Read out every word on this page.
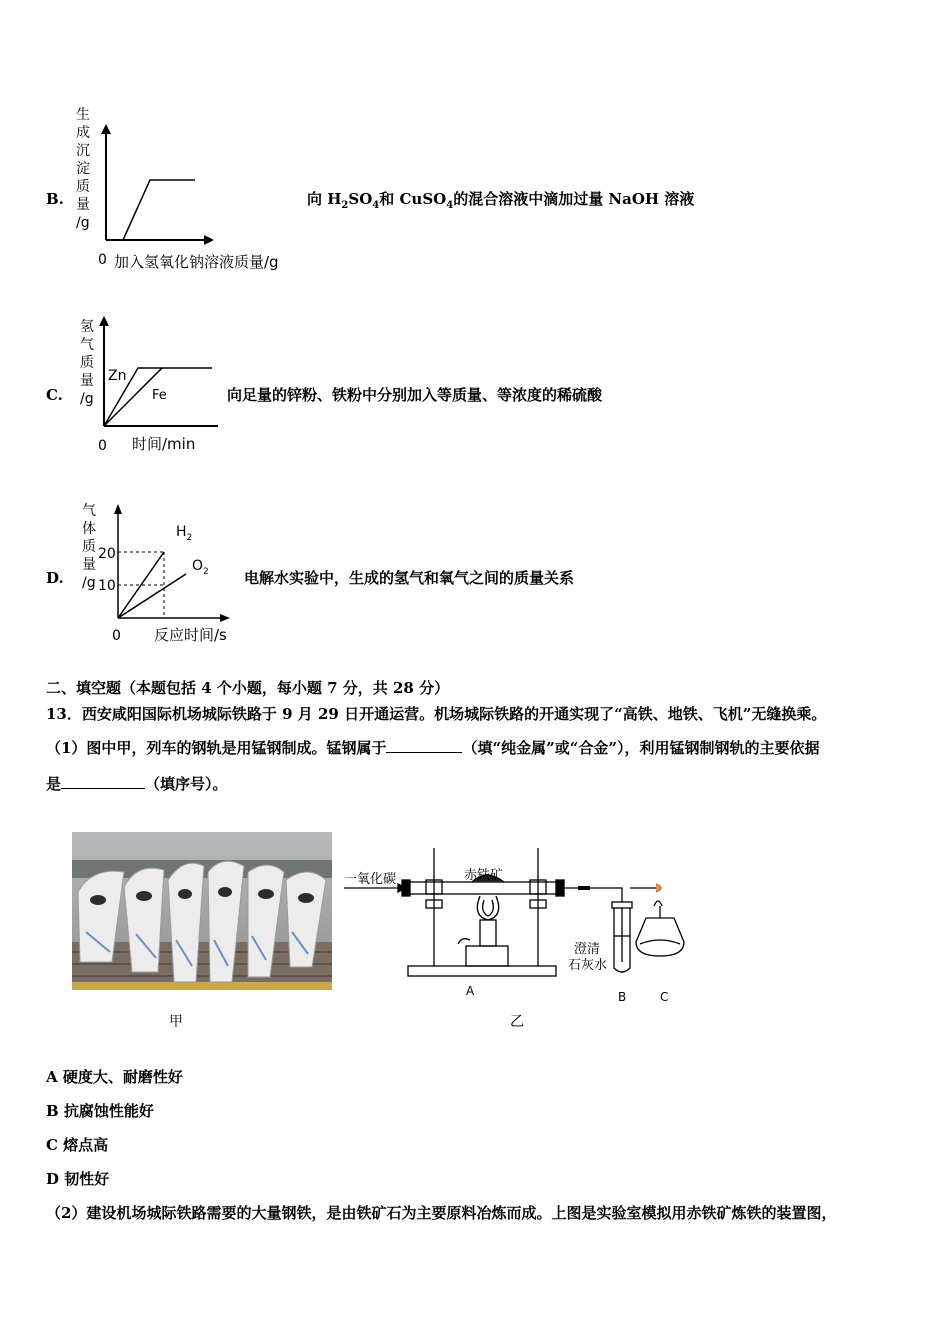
B.
生
成
沉
淀
质
量
/g
0 加入氢氧化钠溶液质量/g
向 $H_2SO_4$和 CuSO$_4$的混合溶液中滴加过量 NaOH 溶液
C.
氢
气
质
量
/g
Zn
Fe
0 时间/min
向足量的锌粉、铁粉中分别加入等质量、等浓度的稀硫酸
D.
气
体
质
量
/g
20
10
$H_2$
$O_2$
0 反应时间/s
电解水实验中，生成的氢气和氧气之间的质量关系
二、填空题（本题包括 4 个小题，每小题 7 分，共 28 分）
13．西安咸阳国际机场城际铁路于 9 月 29 日开通运营。机场城际铁路的开通实现了“高铁、地铁、飞机”无缝换乘。
（1）图中甲，列车的钢轨是用锰钢制成。锰钢属于	（填“纯金属”或“合金”），利用锰钢制钢轨的主要依据
是	（填序号）。
甲
一氧化碳	赤铁矿
澄清
石灰水
A	B	C
乙
A 硬度大、耐磨性好
B 抗腐蚀性能好
C 熔点高
D 韧性好
（2）建设机场城际铁路需要的大量钢铁，是由铁矿石为主要原料冶炼而成。上图是实验室模拟用赤铁矿炼铁的装置图，
